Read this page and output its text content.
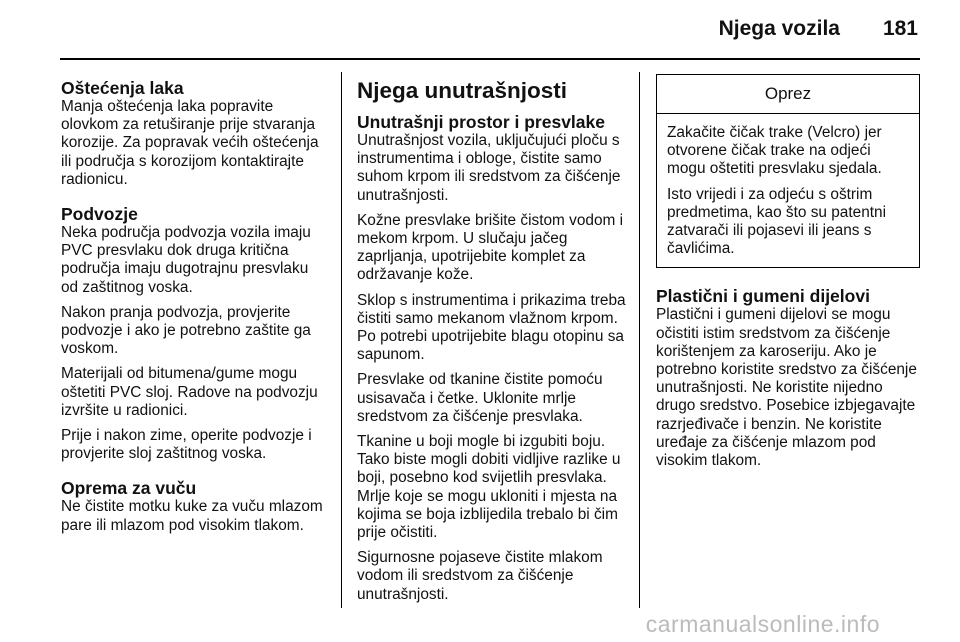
Njega vozila 181
Oštećenja laka

Manja oštećenja laka popravite olovkom za retuširanje prije stvaranja korozije. Za popravak većih oštećenja ili područja s korozijom kontaktirajte radionicu.

Podvozje

Neka područja podvozja vozila imaju PVC presvlaku dok druga kritična područja imaju dugotrajnu presvlaku od zaštitnog voska.

Nakon pranja podvozja, provjerite podvozje i ako je potrebno zaštite ga voskom.

Materijali od bitumena/gume mogu oštetiti PVC sloj. Radove na podvozju izvršite u radionici.

Prije i nakon zime, operite podvozje i provjerite sloj zaštitnog voska.

Oprema za vuču

Ne čistite motku kuke za vuču mlazom pare ili mlazom pod visokim tlakom.

Njega unutrašnjosti
Unutrašnji prostor i presvlake

Unutrašnjost vozila, uključujući ploču s instrumentima i obloge, čistite samo suhom krpom ili sredstvom za čišćenje unutrašnjosti.

Kožne presvlake brišite čistom vodom i mekom krpom. U slučaju jačeg zaprljanja, upotrijebite komplet za održavanje kože.

Sklop s instrumentima i prikazima treba čistiti samo mekanom vlažnom krpom. Po potrebi upotrijebite blagu otopinu sa sapunom.

Presvlake od tkanine čistite pomoću usisavača i četke. Uklonite mrlje sredstvom za čišćenje presvlaka.

Tkanine u boji mogle bi izgubiti boju. Tako biste mogli dobiti vidljive razlike u boji, posebno kod svijetlih presvlaka. Mrlje koje se mogu ukloniti i mjesta na kojima se boja izblijedila trebalo bi čim prije očistiti.

Sigurnosne pojaseve čistite mlakom vodom ili sredstvom za čišćenje unutrašnjosti.

Oprez

Zakačite čičak trake (Velcro) jer otvorene čičak trake na odjeći mogu oštetiti presvlaku sjedala.

Isto vrijedi i za odjeću s oštrim predmetima, kao što su patentni zatvarači ili pojasevi ili jeans s čavlićima.

Plastični i gumeni dijelovi

Plastični i gumeni dijelovi se mogu očistiti istim sredstvom za čišćenje korištenjem za karoseriju. Ako je potrebno koristite sredstvo za čišćenje unutrašnjosti. Ne koristite nijedno drugo sredstvo. Posebice izbjegavajte razrjeđivače i benzin. Ne koristite uređaje za čišćenje mlazom pod visokim tlakom.

carmanualsonline.info
